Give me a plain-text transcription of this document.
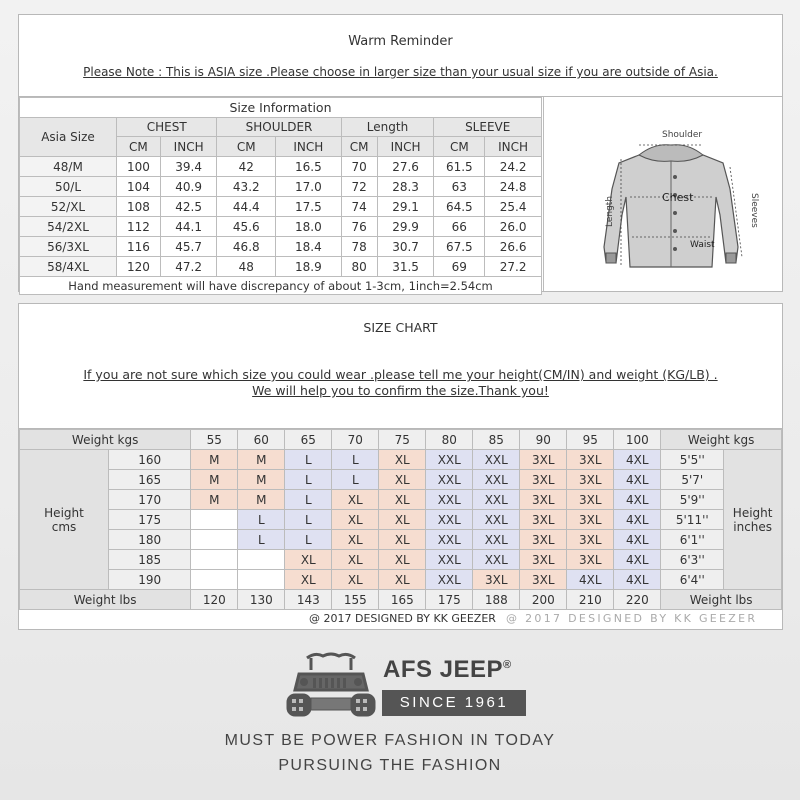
Warm Reminder
Please Note : This is ASIA size .Please choose in larger size than your usual size if you are outside of Asia.
Size Information								
Asia Size	CHEST		SHOULDER		Length		SLEEVE	
	CM	INCH	CM	INCH	CM	INCH	CM	INCH
48/M	100	39.4	42	16.5	70	27.6	61.5	24.2
50/L	104	40.9	43.2	17.0	72	28.3	63	24.8
52/XL	108	42.5	44.4	17.5	74	29.1	64.5	25.4
54/2XL	112	44.1	45.6	18.0	76	29.9	66	26.0
56/3XL	116	45.7	46.8	18.4	78	30.7	67.5	26.6
58/4XL	120	47.2	48	18.9	80	31.5	69	27.2
Hand measurement will have discrepancy of about 1-3cm, 1inch=2.54cm								
Shoulder
Chest
Waist
Length	Sleeves
SIZE CHART
If you are not sure which size you could wear .please tell me your height(CM/IN) and weight (KG/LB) .
We will help you to confirm the size.Thank you!
Weight kgs		55	60	65	70	75	80	85	90	95	100	Weight kgs	
Height
cms	160	M	M	L	L	XL	XXL	XXL	3XL	3XL	4XL	5'5''	Height
inches
	165	M	M	L	L	XL	XXL	XXL	3XL	3XL	4XL	5'7'	
	170	M	M	L	XL	XL	XXL	XXL	3XL	3XL	4XL	5'9''	
	175		L	L	XL	XL	XXL	XXL	3XL	3XL	4XL	5'11''	
	180		L	L	XL	XL	XXL	XXL	3XL	3XL	4XL	6'1''	
	185			XL	XL	XL	XXL	XXL	3XL	3XL	4XL	6'3''	
	190			XL	XL	XL	XXL	3XL	3XL	4XL	4XL	6'4''	
Weight lbs		120	130	143	155	165	175	188	200	210	220	Weight lbs	
@ 2017 DESIGNED BY KK GEEZER @ 2017 DESIGNED BY KK GEEZER
AFS JEEP®
SINCE 1961
MUST BE POWER FASHION IN TODAY
PURSUING THE FASHION
